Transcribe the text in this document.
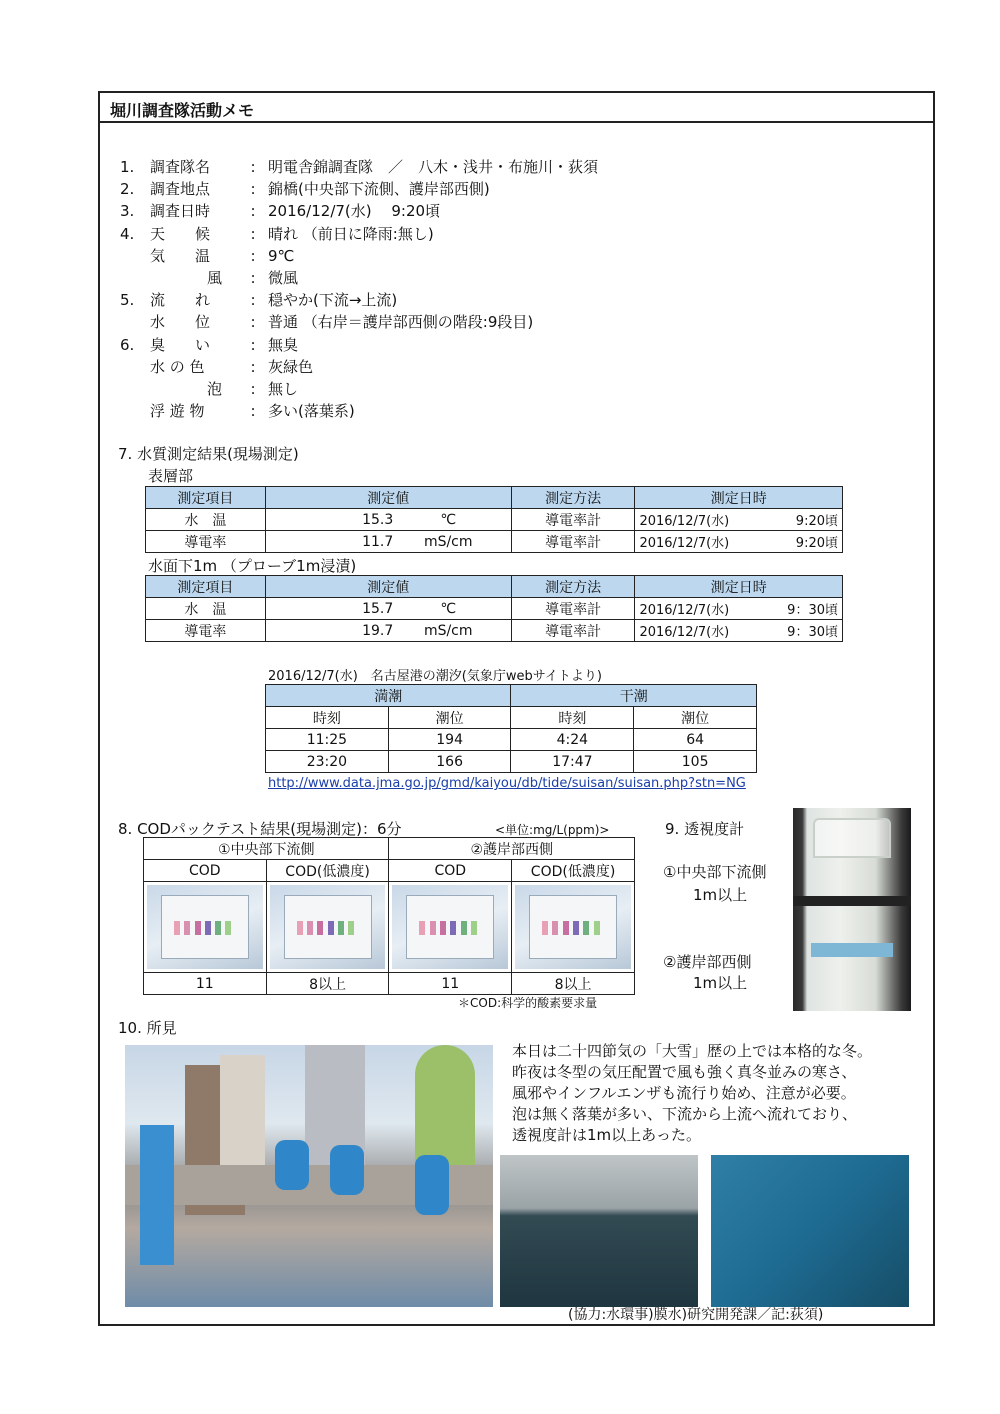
堀川調査隊活動メモ
1. 調査隊名	: 明電舎錦調査隊　／　八木・浅井・布施川・荻須
2. 調査地点	: 錦橋(中央部下流側、護岸部西側)
3. 調査日時	: 2016/12/7(水)　 9:20頃
4. 天　　候	: 晴れ （前日に降雨:無し)
気　　温	: 9℃
風 : 微風
5. 流　　れ	: 穏やか(下流→上流)
水　　位	: 普通 （右岸＝護岸部西側の階段:9段目)
6. 臭　　い	: 無臭
水 の 色	: 灰緑色
泡 : 無し
浮 遊 物	: 多い(落葉系)
7. 水質測定結果(現場測定)
表層部
測定項目	測定値	測定方法	測定日時
水　温	15.3 ℃	導電率計	2016/12/7(水) 9:20頃

導電率	11.7 mS/cm	導電率計	2016/12/7(水) 9:20頃
水面下1m （プローブ1m浸漬)
測定項目	測定値	測定方法	測定日時
水　温	15.7 ℃	導電率計	2016/12/7(水) 9：30頃

導電率	19.7 mS/cm	導電率計	2016/12/7(水) 9：30頃
2016/12/7(水)　名古屋港の潮汐(気象庁webサイトより)
満潮		干潮	
時刻	潮位	時刻	潮位
11:25	194	4:24	64
23:20	166	17:47	105
http://www.data.jma.go.jp/gmd/kaiyou/db/tide/suisan/suisan.php?stn=NG
8. CODパックテスト結果(現場測定)：6分	<単位:mg/L(ppm)>
①中央部下流側		②護岸部西側	
COD	COD(低濃度)	COD	COD(低濃度)

11	8以上	11	8以上
＊COD:科学的酸素要求量
9. 透視度計
①中央部下流側
1m以上
②護岸部西側
1m以上
10. 所見
本日は二十四節気の「大雪」歴の上では本格的な冬。
昨夜は冬型の気圧配置で風も強く真冬並みの寒さ、
風邪やインフルエンザも流行り始め、注意が必要。
泡は無く落葉が多い、下流から上流へ流れており、
透視度計は1m以上あった。
(協力:水環事)膜水)研究開発課／記:荻須)
